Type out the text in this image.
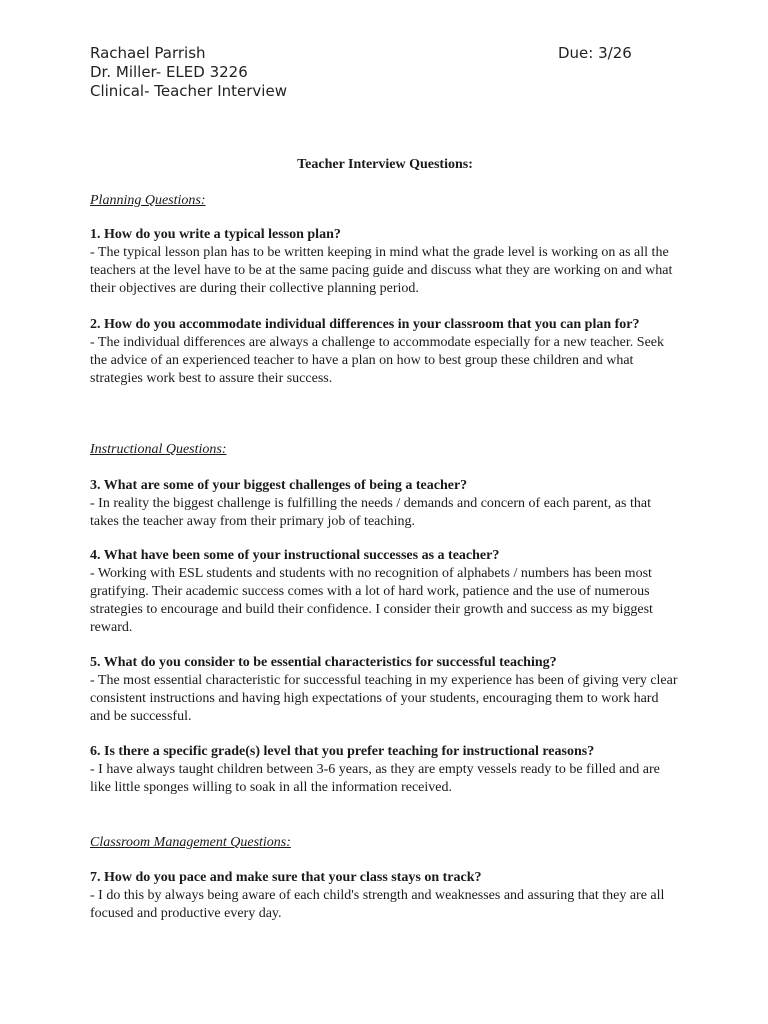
Rachael Parrish
Dr. Miller- ELED 3226
Clinical- Teacher Interview
Due: 3/26
Teacher Interview Questions:
Planning Questions:
1. How do you write a typical lesson plan?
- The typical lesson plan has to be written keeping in mind what the grade level is working on as all the teachers at the level have to be at the same pacing guide and discuss what they are working on and what their objectives are during their collective planning period.
2. How do you accommodate individual differences in your classroom that you can plan for?
- The individual differences are always a challenge to accommodate especially for a new teacher. Seek the advice of an experienced teacher to have a plan on how to best group these children and what strategies work best to assure their success.
Instructional Questions:
3. What are some of your biggest challenges of being a teacher?
- In reality the biggest challenge is fulfilling the needs / demands and concern of each parent, as that takes the teacher away from their primary job of teaching.
4. What have been some of your instructional successes as a teacher?
- Working with ESL students and students with no recognition of alphabets / numbers has been most gratifying. Their academic success comes with a lot of hard work, patience and the use of numerous strategies to encourage and build their confidence. I consider their growth and success as my biggest reward.
5. What do you consider to be essential characteristics for successful teaching?
- The most essential characteristic for successful teaching in my experience has been of giving very clear consistent instructions and having high expectations of your students, encouraging them to work hard and be successful.
6. Is there a specific grade(s) level that you prefer teaching for instructional reasons?
- I have always taught children between 3-6 years, as they are empty vessels ready to be filled and are like little sponges willing to soak in all the information received.
Classroom Management Questions:
7. How do you pace and make sure that your class stays on track?
- I do this by always being aware of each child's strength and weaknesses and assuring that they are all focused and productive every day.
